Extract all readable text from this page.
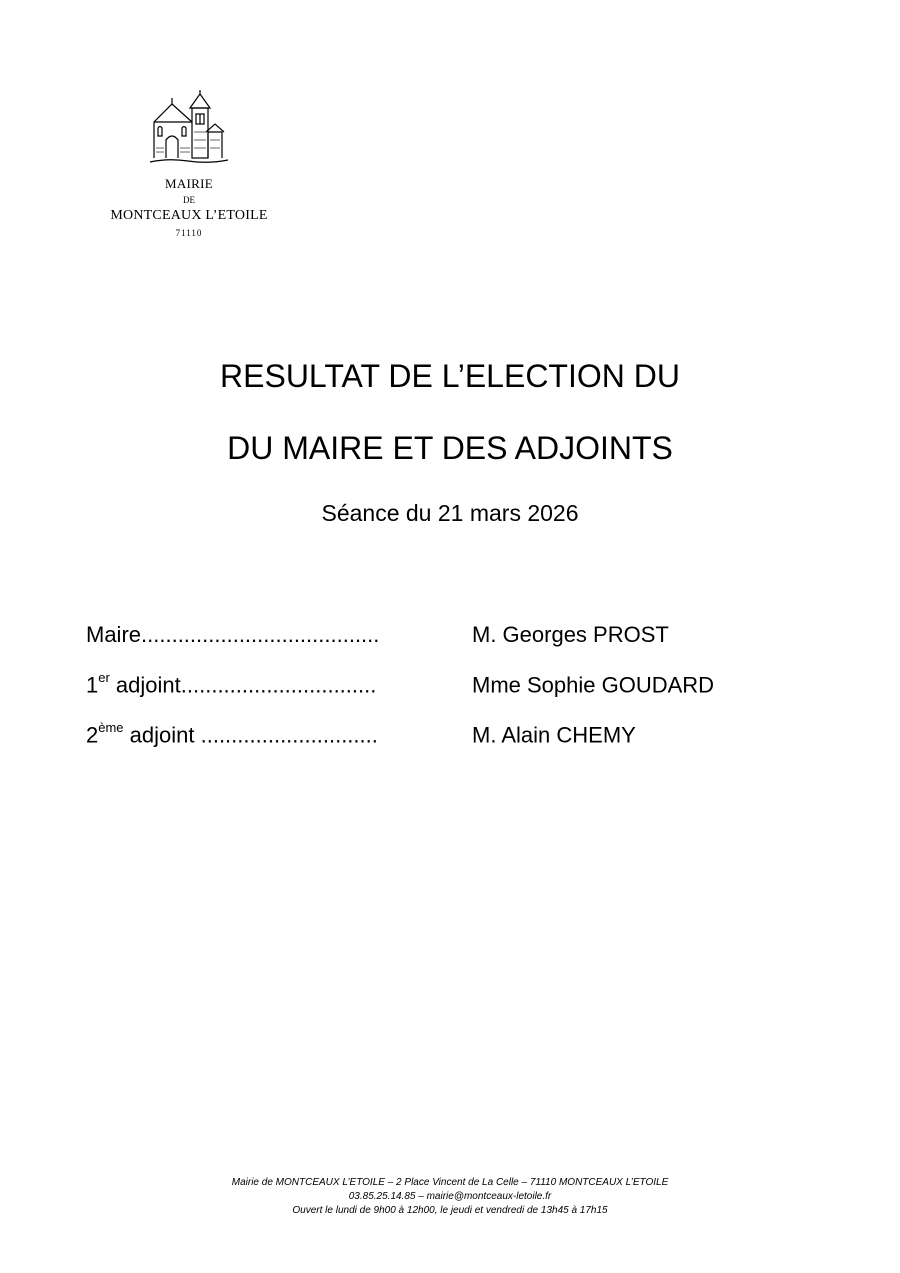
MAIRIE
DE
MONTCEAUX L’ETOILE
71110
RESULTAT DE L’ELECTION DU
DU MAIRE ET DES ADJOINTS
Séance du 21 mars 2026
Maire.......................................	M. Georges PROST
1er adjoint................................	Mme Sophie GOUDARD
2ème adjoint .............................	M. Alain CHEMY
Mairie de MONTCEAUX L’ETOILE – 2 Place Vincent de La Celle – 71110 MONTCEAUX L’ETOILE
03.85.25.14.85 – mairie@montceaux-letoile.fr
Ouvert le lundi de 9h00 à 12h00, le jeudi et vendredi de 13h45 à 17h15
